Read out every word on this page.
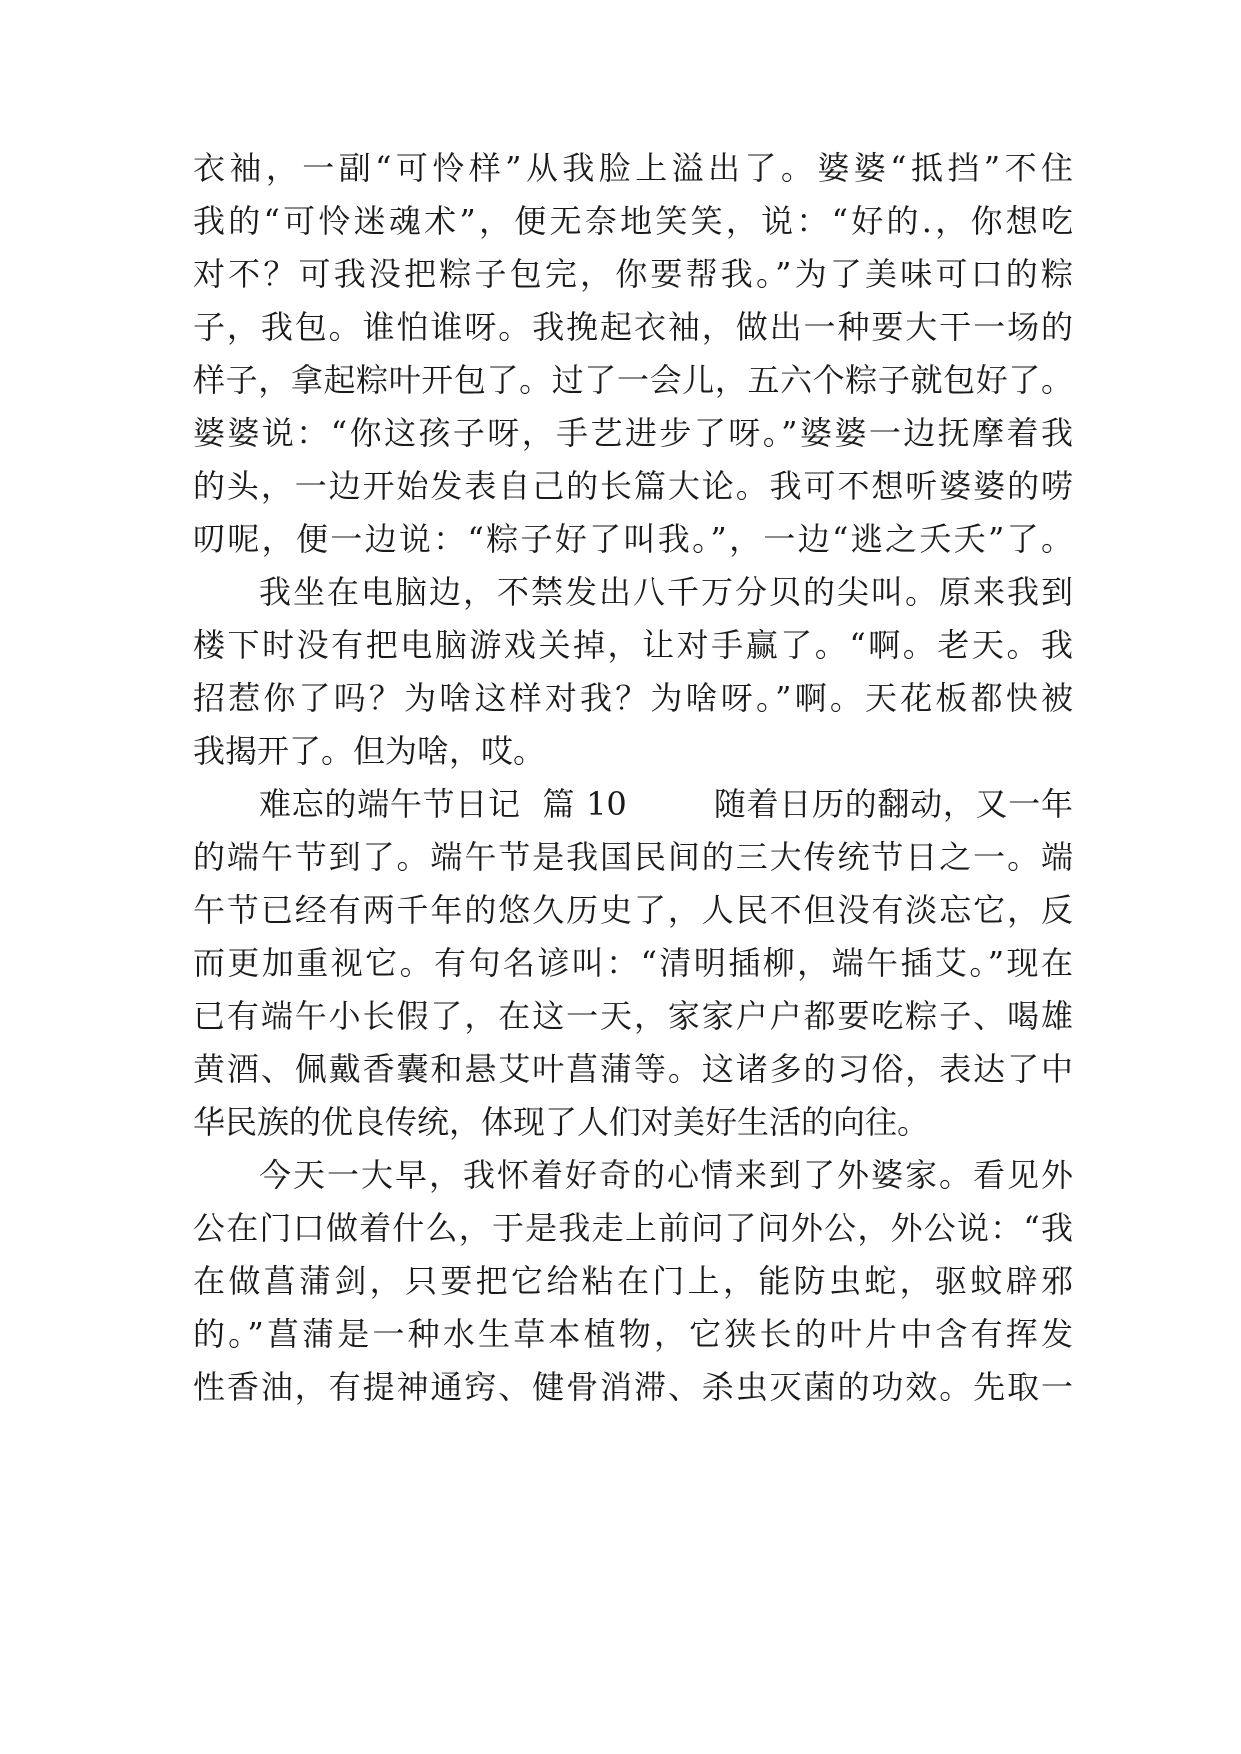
衣袖，一副“可怜样”从我脸上溢出了。婆婆“抵挡”不住
我的“可怜迷魂术”，便无奈地笑笑，说：“好的.，你想吃
对不？可我没把粽子包完，你要帮我。”为了美味可口的粽
子，我包。谁怕谁呀。我挽起衣袖，做出一种要大干一场的
样子，拿起粽叶开包了。过了一会儿，五六个粽子就包好了。
婆婆说：“你这孩子呀，手艺进步了呀。”婆婆一边抚摩着我
的头，一边开始发表自己的长篇大论。我可不想听婆婆的唠
叨呢，便一边说：“粽子好了叫我。”，一边“逃之夭夭”了。
我坐在电脑边，不禁发出八千万分贝的尖叫。原来我到
楼下时没有把电脑游戏关掉，让对手赢了。“啊。老天。我
招惹你了吗？为啥这样对我？为啥呀。”啊。天花板都快被
我揭开了。但为啥，哎。
难忘的端午节日记  篇 10        随着日历的翻动，又一年
的端午节到了。端午节是我国民间的三大传统节日之一。端
午节已经有两千年的悠久历史了，人民不但没有淡忘它，反
而更加重视它。有句名谚叫：“清明插柳，端午插艾。”现在
已有端午小长假了，在这一天，家家户户都要吃粽子、喝雄
黄酒、佩戴香囊和悬艾叶菖蒲等。这诸多的习俗，表达了中
华民族的优良传统，体现了人们对美好生活的向往。
今天一大早，我怀着好奇的心情来到了外婆家。看见外
公在门口做着什么，于是我走上前问了问外公，外公说：“我
在做菖蒲剑，只要把它给粘在门上，能防虫蛇，驱蚊辟邪
的。”菖蒲是一种水生草本植物，它狭长的叶片中含有挥发
性香油，有提神通窍、健骨消滞、杀虫灭菌的功效。先取一
